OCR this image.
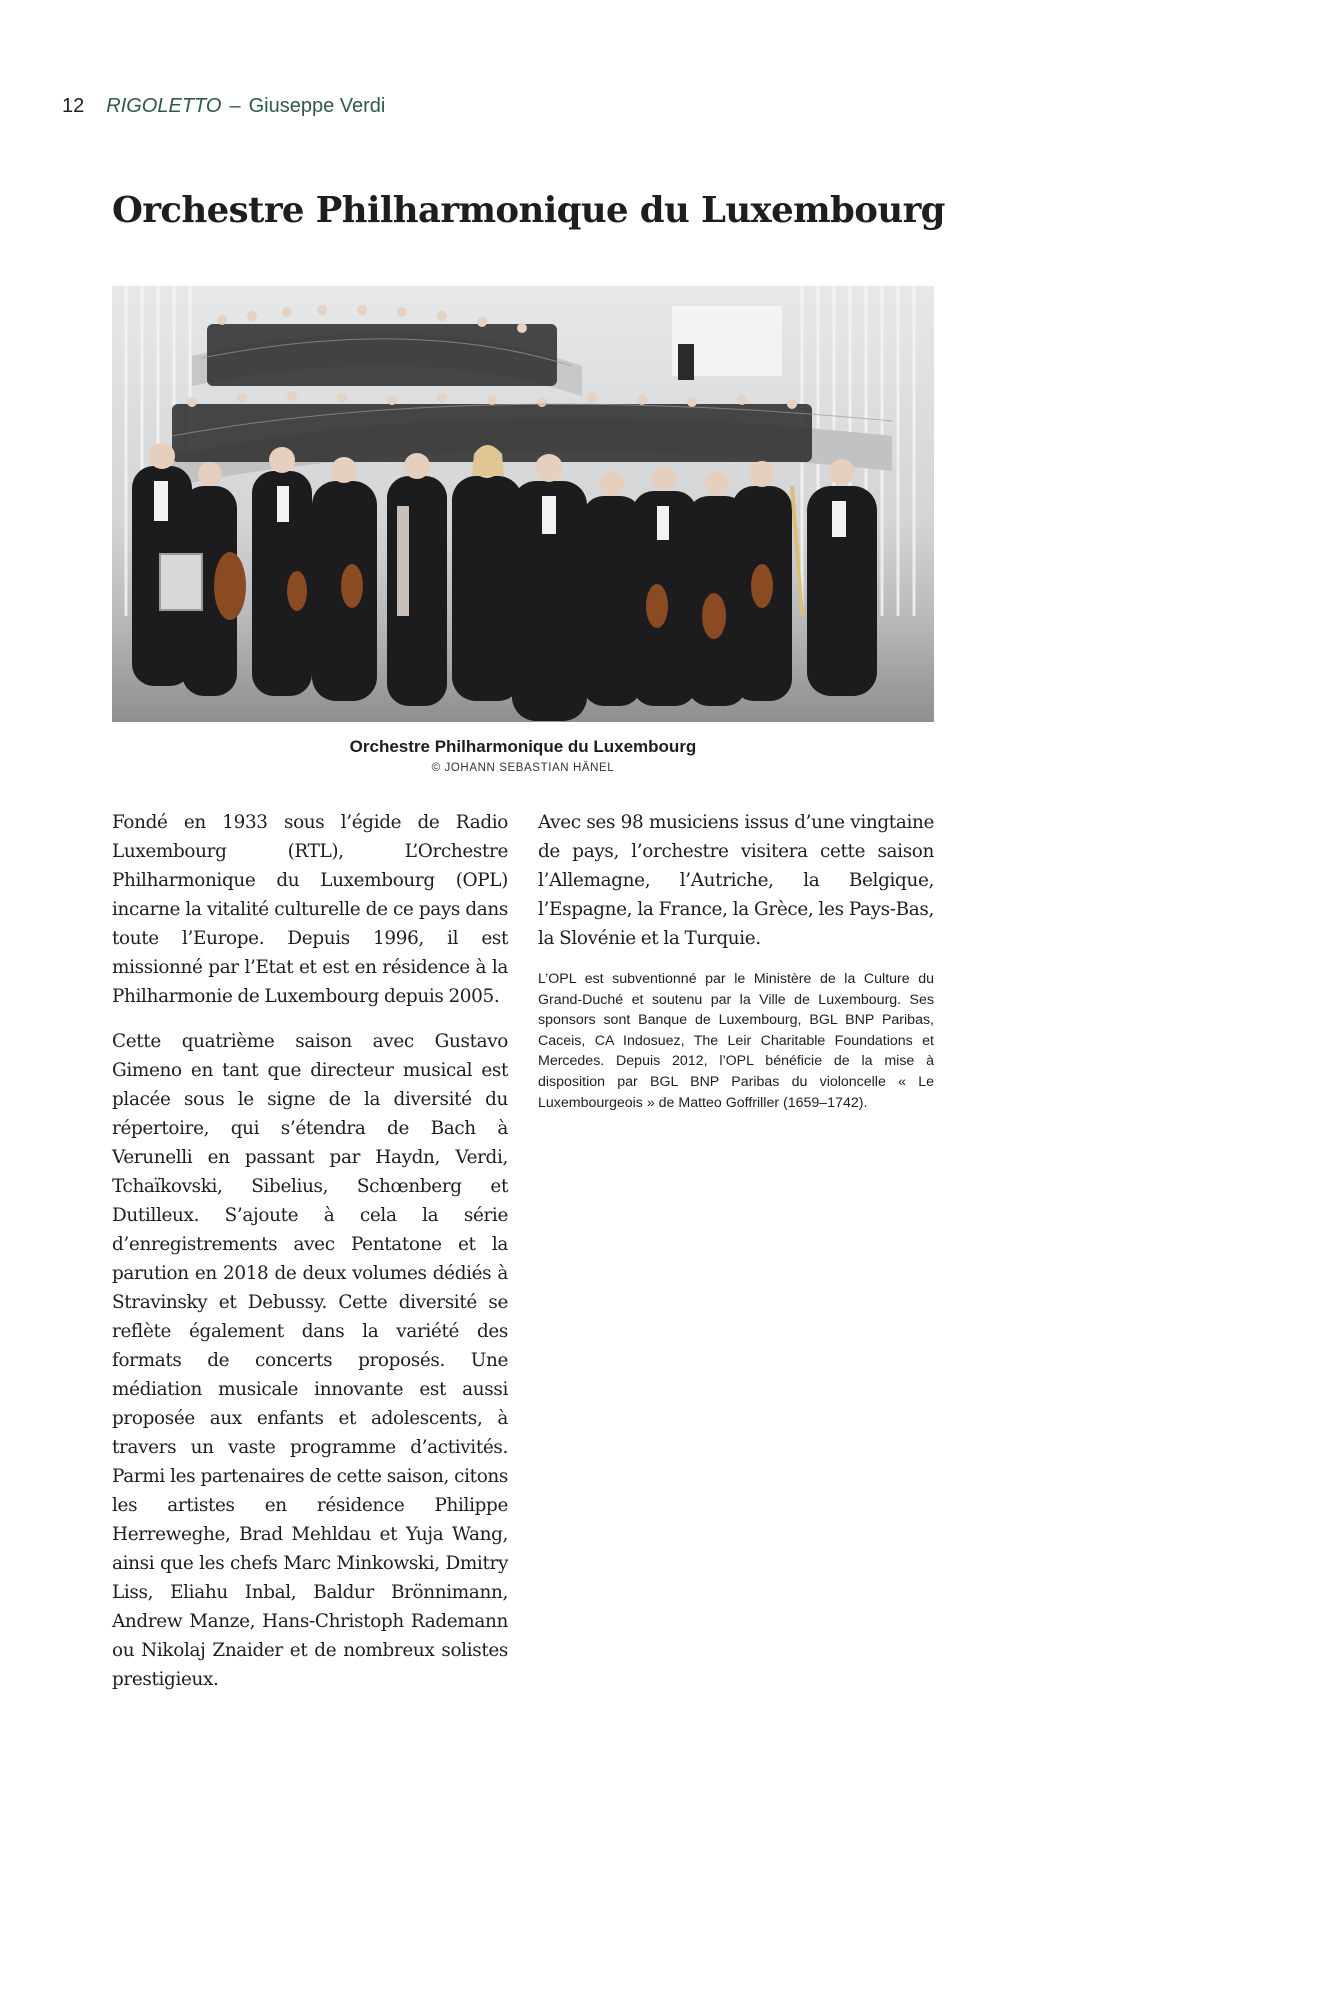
12 RIGOLETTO – Giuseppe Verdi
Orchestre Philharmonique du Luxembourg
Orchestre Philharmonique du Luxembourg
© JOHANN SEBASTIAN HÄNEL

Fondé en 1933 sous l’égide de Radio Luxembourg (RTL), L’Orchestre Philharmonique du Luxembourg (OPL) incarne la vitalité culturelle de ce pays dans toute l’Europe. Depuis 1996, il est missionné par l’Etat et est en résidence à la Philharmonie de Luxembourg depuis 2005.

Cette quatrième saison avec Gustavo Gimeno en tant que directeur musical est placée sous le signe de la diversité du répertoire, qui s’étendra de Bach à Verunelli en passant par Haydn, Verdi, Tchaïkovski, Sibelius, Schœnberg et Dutilleux. S’ajoute à cela la série d’enregistrements avec Pentatone et la parution en 2018 de deux volumes dédiés à Stravinsky et Debussy. Cette diversité se reflète également dans la variété des formats de concerts proposés. Une médiation musicale innovante est aussi proposée aux enfants et adolescents, à travers un vaste programme d’activités. Parmi les partenaires de cette saison, citons les artistes en résidence Philippe Herreweghe, Brad Mehldau et Yuja Wang, ainsi que les chefs Marc Minkowski, Dmitry Liss, Eliahu Inbal, Baldur Brönnimann, Andrew Manze, Hans-Christoph Rademann ou Nikolaj Znaider et de nombreux solistes prestigieux.

Avec ses 98 musiciens issus d’une vingtaine de pays, l’orchestre visitera cette saison l’Allemagne, l’Autriche, la Belgique, l’Espagne, la France, la Grèce, les Pays-Bas, la Slovénie et la Turquie.

L’OPL est subventionné par le Ministère de la Culture du Grand-Duché et soutenu par la Ville de Luxembourg. Ses sponsors sont Banque de Luxembourg, BGL BNP Paribas, Caceis, CA Indosuez, The Leir Charitable Foundations et Mercedes. Depuis 2012, l’OPL bénéficie de la mise à disposition par BGL BNP Paribas du violoncelle « Le Luxembourgeois » de Matteo Goffriller (1659–1742).
